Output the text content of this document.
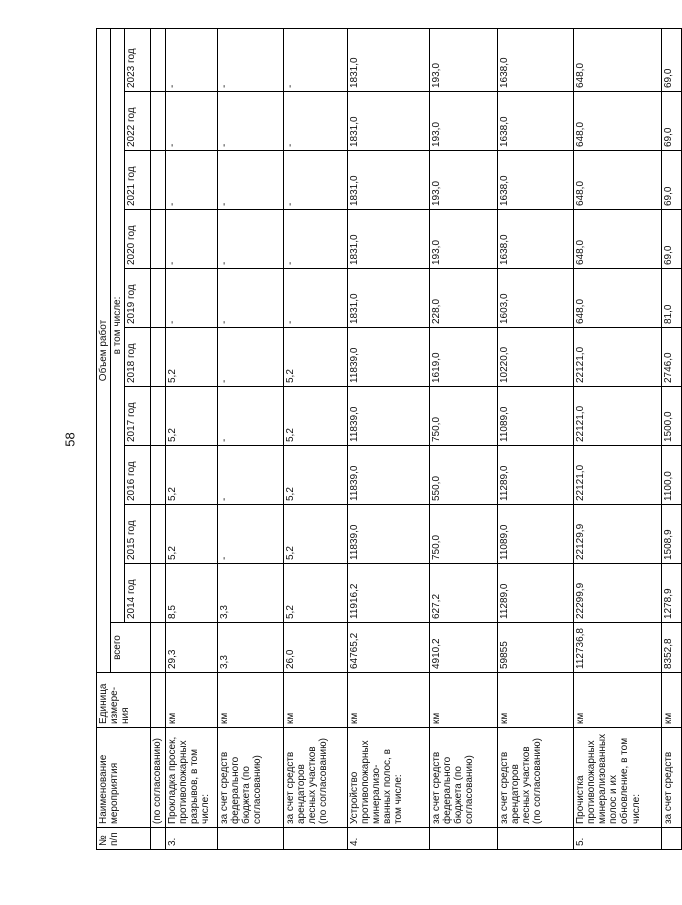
58
№ п/п	Наименование мероприятия	Единица измере-ния	Объем работ										
			всего	в том числе:									
				2014 год	2015 год	2016 год	2017 год	2018 год	2019 год	2020 год	2021 год	2022 год	2023 год
	(по согласованию)												
3.	Прокладка просек, противопожарных разрывов, в том числе:	км	29,3	8,5	5,2	5,2	5,2	5,2	-	-	-	-	-
	за счет средств федерального бюджета (по согласованию)	км	3,3	3,3	-	-	-	-	-	-	-	-	-
	за счет средств арендаторов лесных участков (по согласованию)	км	26,0	5,2	5,2	5,2	5,2	5,2	-	-	-	-	-
4.	Устройство противопожарных минерализо-ванных полос, в том числе:	км	64765,2	11916,2	11839,0	11839,0	11839,0	11839,0	1831,0	1831,0	1831,0	1831,0	1831,0
	за счет средств федерального бюджета (по согласованию)	км	4910,2	627,2	750,0	550,0	750,0	1619,0	228,0	193,0	193,0	193,0	193,0
	за счет средств арендаторов лесных участков (по согласованию)	км	59855	11289,0	11089,0	11289,0	11089,0	10220,0	1603,0	1638,0	1638,0	1638,0	1638,0
5.	Прочистка противопожарных минерализованных полос и их обновление, в том числе:	км	112736,8	22299,9	22129,9	22121,0	22121,0	22121,0	648,0	648,0	648,0	648,0	648,0
	за счет средств	км	8352,8	1278,9	1508,9	1100,0	1500,0	2746,0	81,0	69,0	69,0	69,0	69,0
